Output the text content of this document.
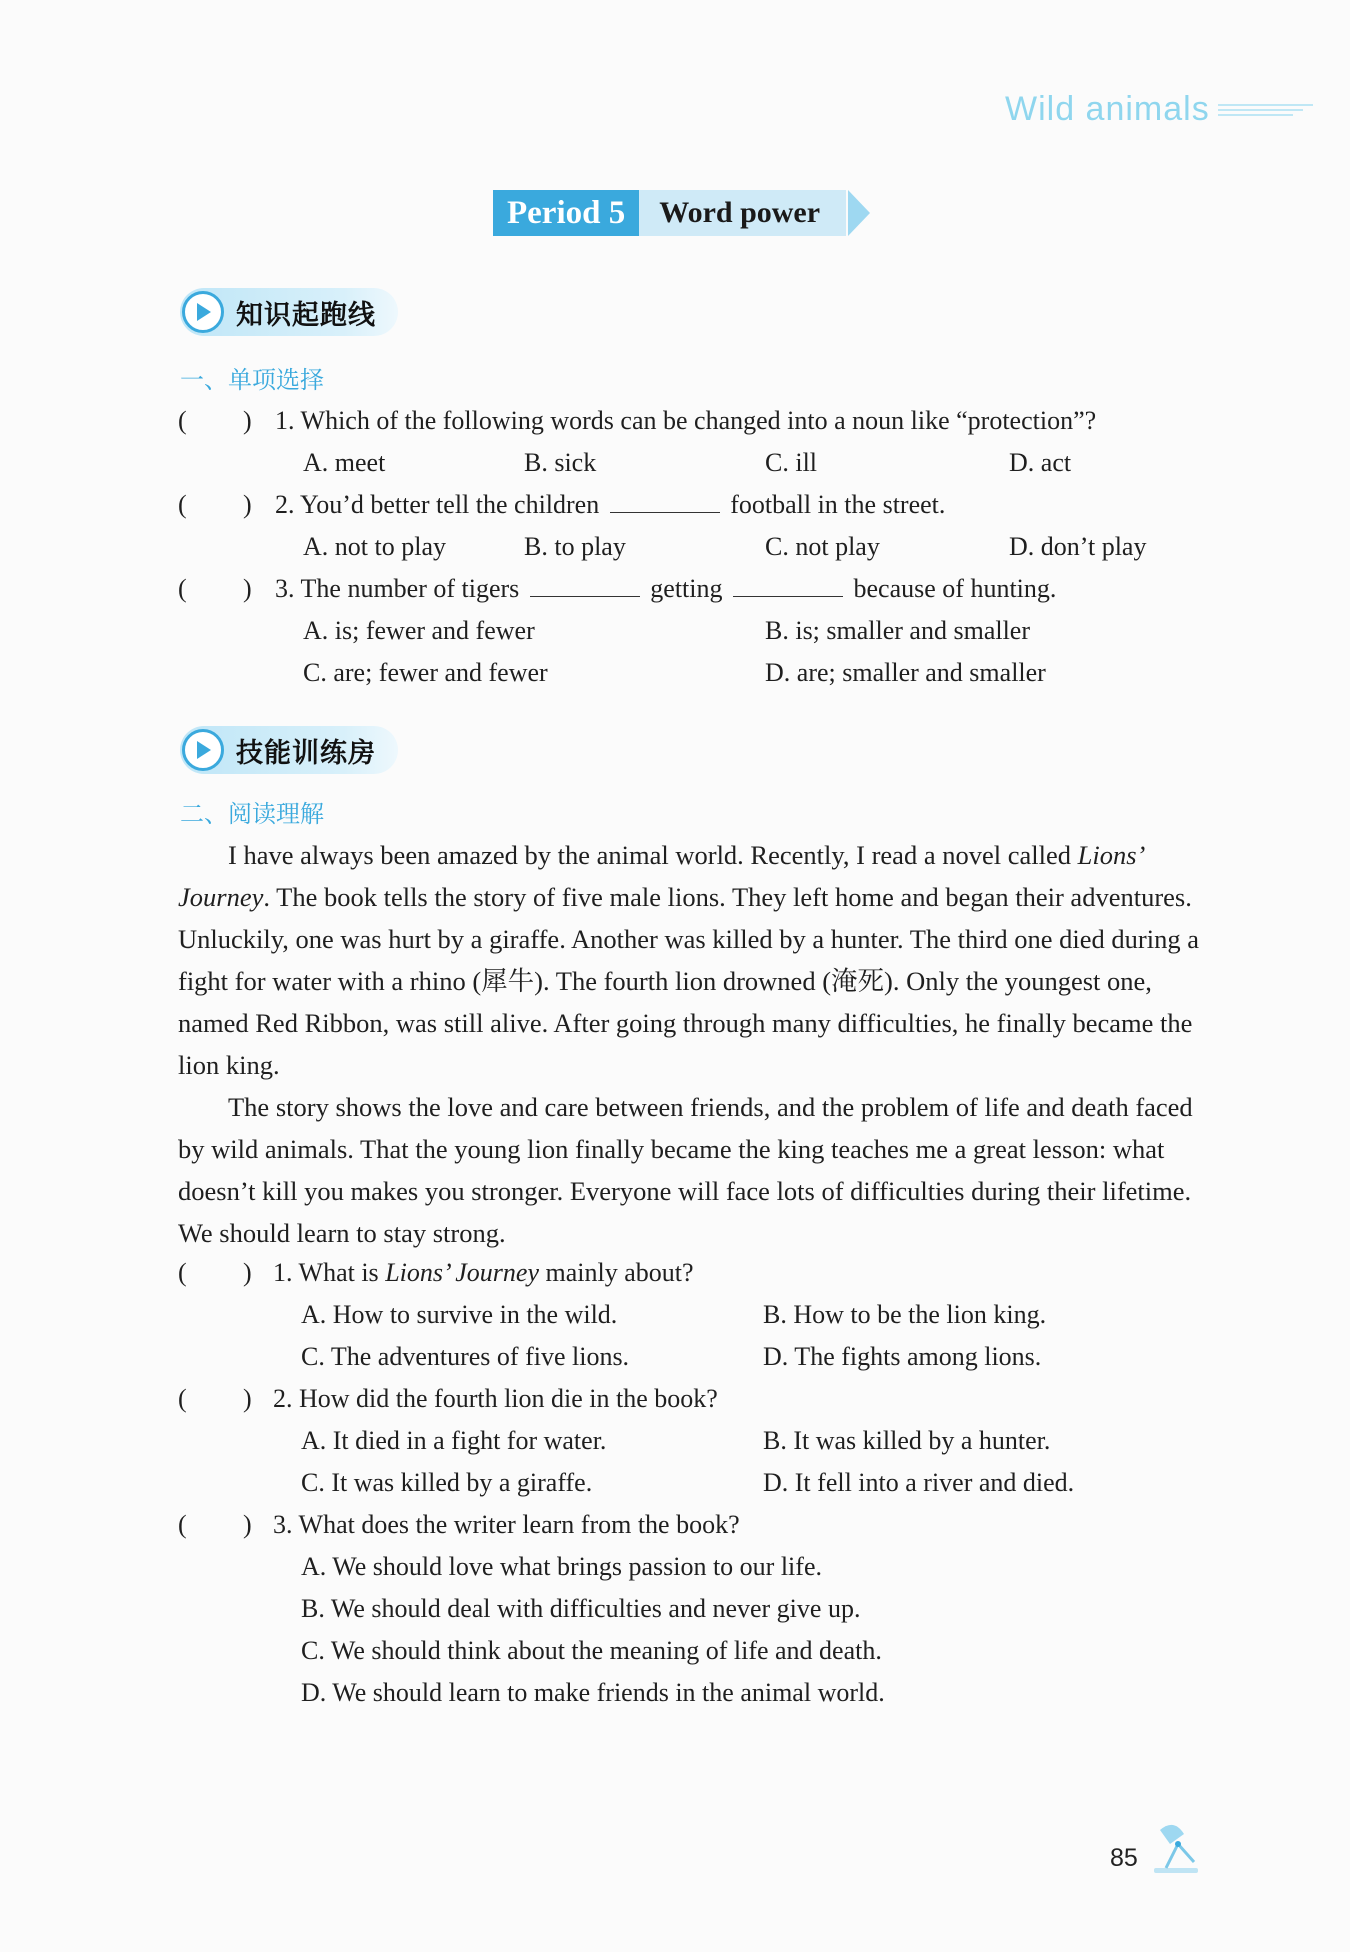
Wild animals
Period 5	Word power
知识起跑线
一、单项选择
( ) 1. Which of the following words can be changed into a noun like “protection”?
A. meet	B. sick	C. ill	D. act
( ) 2. You’d better tell the children	football in the street.
A. not to play	B. to play	C. not play	D. don’t play
( ) 3. The number of tigers	getting	because of hunting.
A. is; fewer and fewer	B. is; smaller and smaller
C. are; fewer and fewer	D. are; smaller and smaller
技能训练房
二、阅读理解

I have always been amazed by the animal world. Recently, I read a novel called Lions’ Journey. The book tells the story of five male lions. They left home and began their adventures. Unluckily, one was hurt by a giraffe. Another was killed by a hunter. The third one died during a fight for water with a rhino (犀牛). The fourth lion drowned (淹死). Only the youngest one, named Red Ribbon, was still alive. After going through many difficulties, he finally became the lion king.

The story shows the love and care between friends, and the problem of life and death faced by wild animals. That the young lion finally became the king teaches me a great lesson: what doesn’t kill you makes you stronger. Everyone will face lots of difficulties during their lifetime. We should learn to stay strong.

( ) 1. What is Lions’ Journey mainly about?
A. How to survive in the wild.	B. How to be the lion king.
C. The adventures of five lions.	D. The fights among lions.
( ) 2. How did the fourth lion die in the book?
A. It died in a fight for water.	B. It was killed by a hunter.
C. It was killed by a giraffe.	D. It fell into a river and died.
( ) 3. What does the writer learn from the book?
A. We should love what brings passion to our life.
B. We should deal with difficulties and never give up.
C. We should think about the meaning of life and death.
D. We should learn to make friends in the animal world.
85
